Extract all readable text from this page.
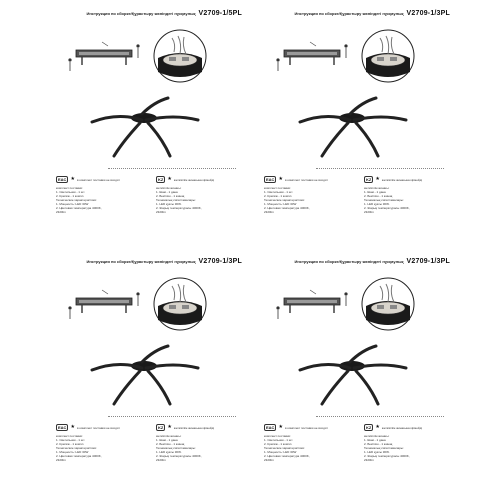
Инструкция по сборке/Құрастыру жөніндегі нұсқаулық V2709-1/5PL
EAC ★ в комплект поставки не входят	KZ ★ жеткізілім жинағына кірмейді
комплект поставки:
1. Светильник - 1 шт.
2. Крепёж - 1 компл.
Технические характеристики:
1. Мощность: LED 30W
2. Цветовая температура 4000K,
2320lm
жеткізілім жинағы:
1. Шам - 1 дана
2. Бекіткіш - 1 жинақ
Техникалық сипаттамалары:
1. LED қуаты 30W.
2. Жарық температурасы 4000K,
2320lm
Инструкция по сборке/Құрастыру жөніндегі нұсқаулық V2709-1/3PL
EAC ★ в комплект поставки не входят	KZ ★ жеткізілім жинағына кірмейді
комплект поставки:
1. Светильник - 1 шт.
2. Крепёж - 1 компл.
Технические характеристики:
1. Мощность: LED 30W
2. Цветовая температура 4000K,
2320lm
жеткізілім жинағы:
1. Шам - 1 дана
2. Бекіткіш - 1 жинақ
Техникалық сипаттамалары:
1. LED қуаты 30W.
2. Жарық температурасы 4000K,
2320lm
Инструкция по сборке/Құрастыру жөніндегі нұсқаулық V2709-1/3PL
EAC ★ в комплект поставки не входят	KZ ★ жеткізілім жинағына кірмейді
комплект поставки:
1. Светильник - 1 шт.
2. Крепёж - 1 компл.
Технические характеристики:
1. Мощность: LED 30W
2. Цветовая температура 4000K,
2320lm
жеткізілім жинағы:
1. Шам - 1 дана
2. Бекіткіш - 1 жинақ
Техникалық сипаттамалары:
1. LED қуаты 30W.
2. Жарық температурасы 4000K,
2320lm
Инструкция по сборке/Құрастыру жөніндегі нұсқаулық V2709-1/3PL
EAC ★ в комплект поставки не входят	KZ ★ жеткізілім жинағына кірмейді
комплект поставки:
1. Светильник - 1 шт.
2. Крепёж - 1 компл.
Технические характеристики:
1. Мощность: LED 30W
2. Цветовая температура 4000K,
2320lm
жеткізілім жинағы:
1. Шам - 1 дана
2. Бекіткіш - 1 жинақ
Техникалық сипаттамалары:
1. LED қуаты 30W.
2. Жарық температурасы 4000K,
2320lm
